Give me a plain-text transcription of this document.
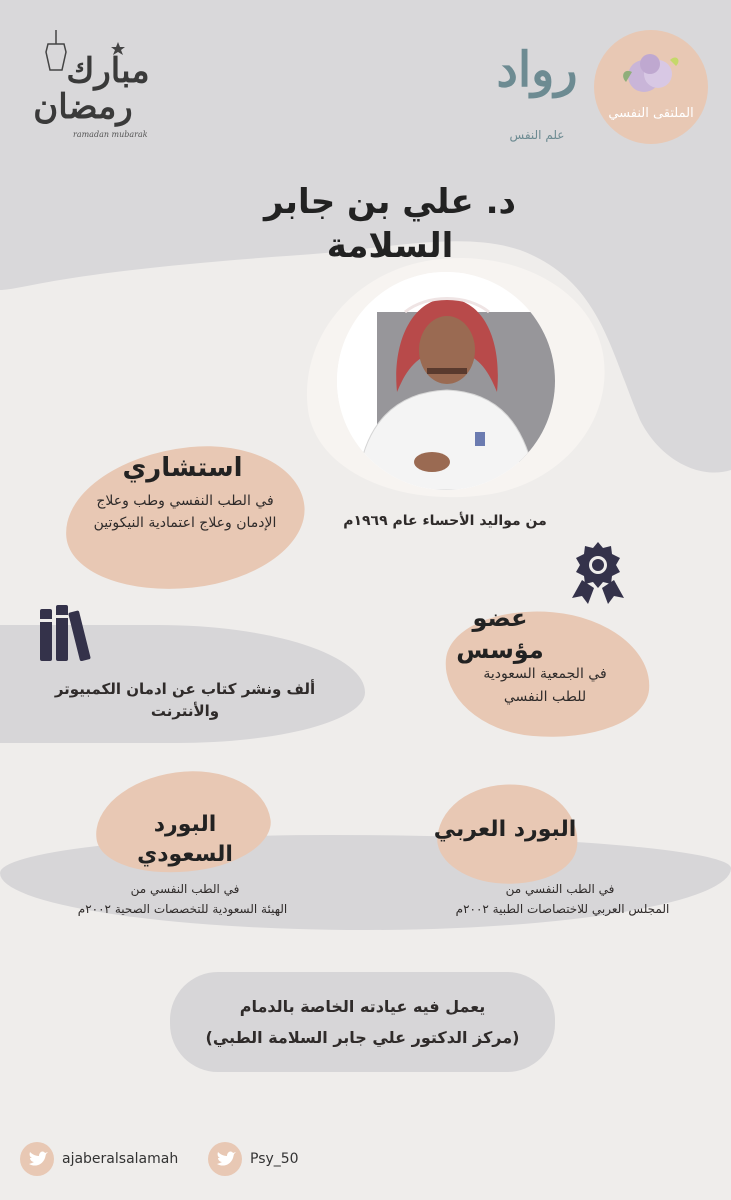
مبارك
رمضان
ramadan mubarak
رواد
علم النفس
الملتقى النفسي
د. علي بن جابر السلامة
استشاري
في الطب النفسي وطب وعلاج
الإدمان وعلاج اعتمادية النيكوتين	من مواليد الأحساء عام ١٩٦٩م
عضو مؤسس
في الجمعية السعودية
للطب النفسي
ألف ونشر كتاب عن ادمان الكمبيوتر والأنترنت
البورد السعودي
في الطب النفسي من
الهيئة السعودية للتخصصات الصحية ٢٠٠٢م
البورد العربي
في الطب النفسي من
المجلس العربي للاختصاصات الطبية ٢٠٠٢م
يعمل فيه عيادته الخاصة بالدمام
(مركز الدكتور علي جابر السلامة الطبي)
ajaberalsalamah	Psy_50
